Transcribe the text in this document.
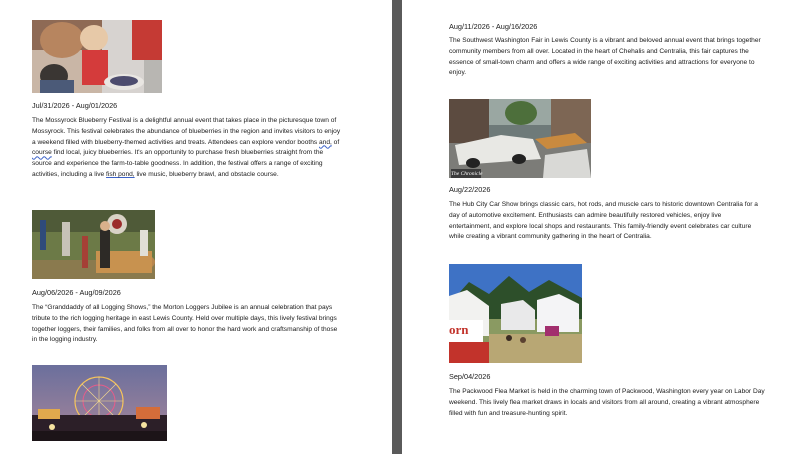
Jul/31/2026 - Aug/01/2026

The Mossyrock Blueberry Festival is a delightful annual event that takes place in the picturesque town of Mossyrock. This festival celebrates the abundance of blueberries in the region and invites visitors to enjoy a weekend filled with blueberry-themed activities and treats. Attendees can explore vendor booths and, of course find local, juicy blueberries. It's an opportunity to purchase fresh blueberries straight from the source and experience the farm-to-table goodness. In addition, the festival offers a range of exciting activities, including a live fish pond, live music, blueberry brawl, and obstacle course.

Aug/06/2026 - Aug/09/2026

The “Granddaddy of all Logging Shows,” the Morton Loggers Jubilee is an annual celebration that pays tribute to the rich logging heritage in east Lewis County. Held over multiple days, this lively festival brings together loggers, their families, and folks from all over to honor the hard work and craftsmanship of those in the logging industry.

Aug/11/2026 - Aug/16/2026

The Southwest Washington Fair in Lewis County is a vibrant and beloved annual event that brings together community members from all over. Located in the heart of Chehalis and Centralia, this fair captures the essence of small-town charm and offers a wide range of exciting activities and attractions for everyone to enjoy.

The Chronicle
Aug/22/2026

The Hub City Car Show brings classic cars, hot rods, and muscle cars to historic downtown Centralia for a day of automotive excitement. Enthusiasts can admire beautifully restored vehicles, enjoy live entertainment, and explore local shops and restaurants. This family-friendly event celebrates car culture while creating a vibrant community gathering in the heart of Centralia.

orn
Sep/04/2026

The Packwood Flea Market is held in the charming town of Packwood, Washington every year on Labor Day weekend. This lively flea market draws in locals and visitors from all around, creating a vibrant atmosphere filled with fun and treasure-hunting spirit.
